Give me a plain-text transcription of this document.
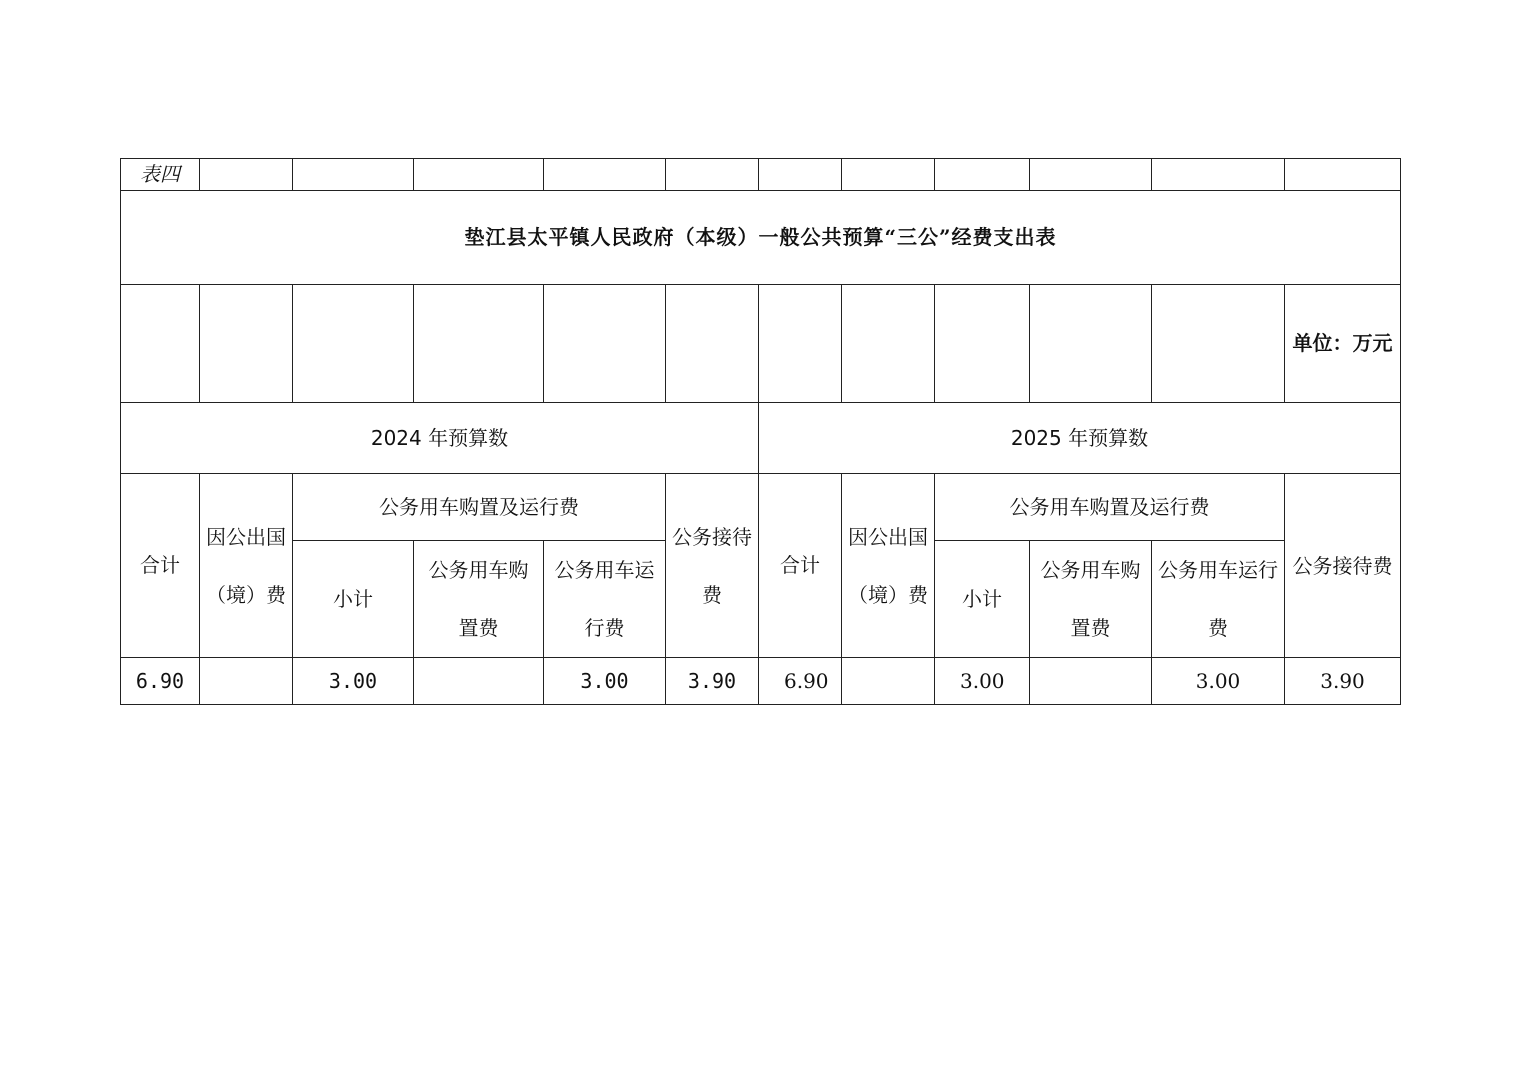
表四											
垫江县太平镇人民政府（本级）一般公共预算“三公”经费支出表											
											单位：万元
2024 年预算数						2025 年预算数					
合计	因公出国（境）费	公务用车购置及运行费			公务接待费	合计	因公出国（境）费	公务用车购置及运行费			公务接待费

		小计	公务用车购置费	公务用车运行费				小计	公务用车购置费	公务用车运行费	

6.90		3.00		3.00	3.90	6.90		3.00		3.00	3.90
